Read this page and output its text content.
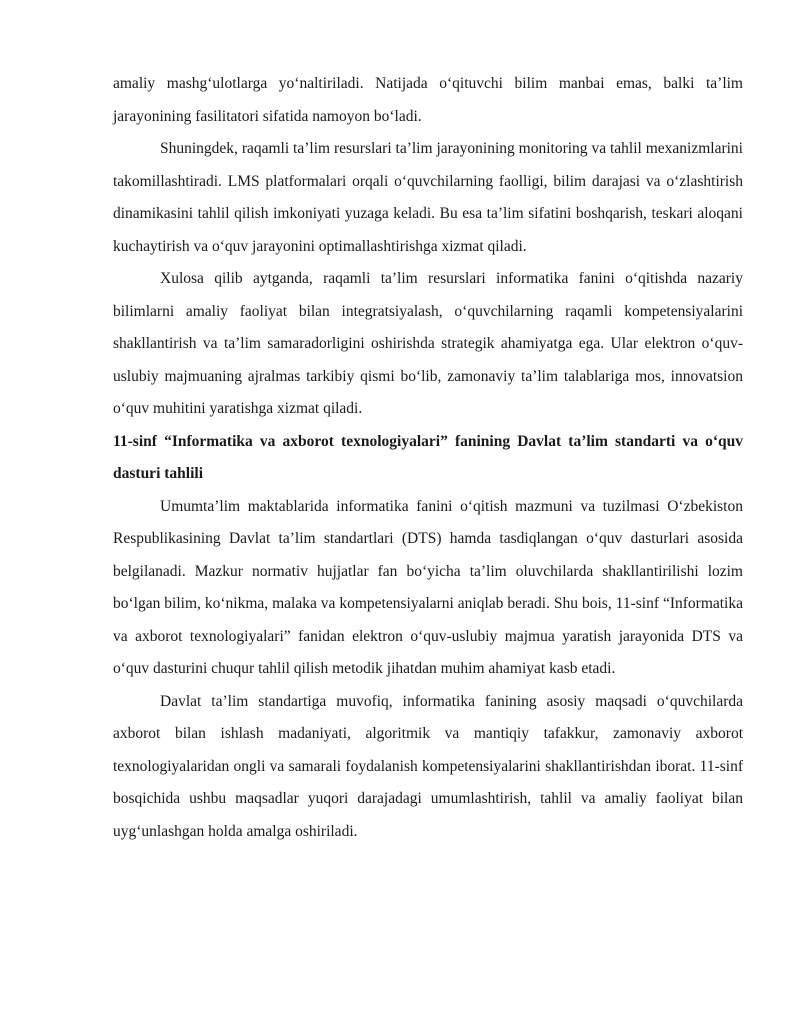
amaliy mashg‘ulotlarga yo‘naltiriladi. Natijada o‘qituvchi bilim manbai emas, balki ta’lim jarayonining fasilitatori sifatida namoyon bo‘ladi.

Shuningdek, raqamli ta’lim resurslari ta’lim jarayonining monitoring va tahlil mexanizmlarini takomillashtiradi. LMS platformalari orqali o‘quvchilarning faolligi, bilim darajasi va o‘zlashtirish dinamikasini tahlil qilish imkoniyati yuzaga keladi. Bu esa ta’lim sifatini boshqarish, teskari aloqani kuchaytirish va o‘quv jarayonini optimallashtirishga xizmat qiladi.

Xulosa qilib aytganda, raqamli ta’lim resurslari informatika fanini o‘qitishda nazariy bilimlarni amaliy faoliyat bilan integratsiyalash, o‘quvchilarning raqamli kompetensiyalarini shakllantirish va ta’lim samaradorligini oshirishda strategik ahamiyatga ega. Ular elektron o‘quv-uslubiy majmuaning ajralmas tarkibiy qismi bo‘lib, zamonaviy ta’lim talablariga mos, innovatsion o‘quv muhitini yaratishga xizmat qiladi.

11-sinf “Informatika va axborot texnologiyalari” fanining Davlat ta’lim standarti va o‘quv dasturi tahlili

Umumta’lim maktablarida informatika fanini o‘qitish mazmuni va tuzilmasi O‘zbekiston Respublikasining Davlat ta’lim standartlari (DTS) hamda tasdiqlangan o‘quv dasturlari asosida belgilanadi. Mazkur normativ hujjatlar fan bo‘yicha ta’lim oluvchilarda shakllantirilishi lozim bo‘lgan bilim, ko‘nikma, malaka va kompetensiyalarni aniqlab beradi. Shu bois, 11-sinf “Informatika va axborot texnologiyalari” fanidan elektron o‘quv-uslubiy majmua yaratish jarayonida DTS va o‘quv dasturini chuqur tahlil qilish metodik jihatdan muhim ahamiyat kasb etadi.

Davlat ta’lim standartiga muvofiq, informatika fanining asosiy maqsadi o‘quvchilarda axborot bilan ishlash madaniyati, algoritmik va mantiqiy tafakkur, zamonaviy axborot texnologiyalaridan ongli va samarali foydalanish kompetensiyalarini shakllantirishdan iborat. 11-sinf bosqichida ushbu maqsadlar yuqori darajadagi umumlashtirish, tahlil va amaliy faoliyat bilan uyg‘unlashgan holda amalga oshiriladi.
